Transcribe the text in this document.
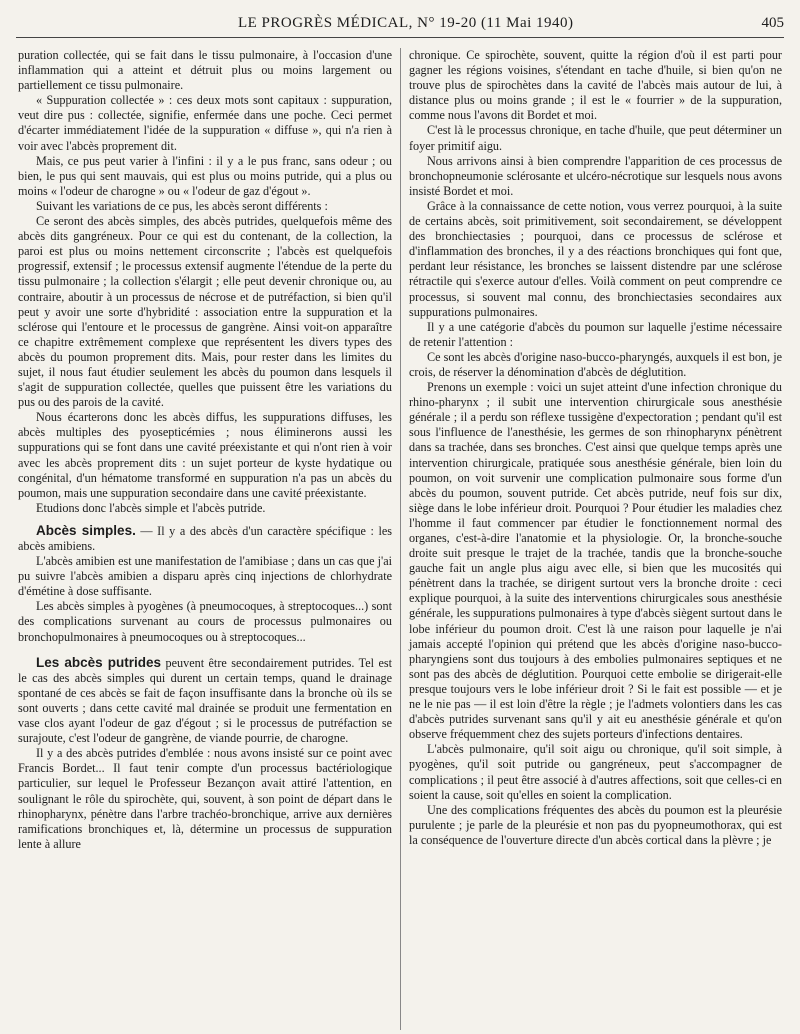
LE PROGRÈS MÉDICAL, N° 19-20 (11 Mai 1940)	405

puration collectée, qui se fait dans le tissu pulmonaire, à l'occasion d'une inflammation qui a atteint et détruit plus ou moins largement ou partiellement ce tissu pulmonaire.

« Suppuration collectée » : ces deux mots sont capitaux : suppuration, veut dire pus : collectée, signifie, enfermée dans une poche. Ceci permet d'écarter immédiatement l'idée de la suppuration « diffuse », qui n'a rien à voir avec l'abcès proprement dit.

Mais, ce pus peut varier à l'infini : il y a le pus franc, sans odeur ; ou bien, le pus qui sent mauvais, qui est plus ou moins putride, qui a plus ou moins « l'odeur de charogne » ou « l'odeur de gaz d'égout ».

Suivant les variations de ce pus, les abcès seront différents :

Ce seront des abcès simples, des abcès putrides, quelquefois même des abcès dits gangréneux. Pour ce qui est du contenant, de la collection, la paroi est plus ou moins nettement circonscrite ; l'abcès est quelquefois progressif, extensif ; le processus extensif augmente l'étendue de la perte du tissu pulmonaire ; la collection s'élargit ; elle peut devenir chronique ou, au contraire, aboutir à un processus de nécrose et de putréfaction, si bien qu'il peut y avoir une sorte d'hybridité : association entre la suppuration et la sclérose qui l'entoure et le processus de gangrène. Ainsi voit-on apparaître ce chapitre extrêmement complexe que représentent les divers types des abcès du poumon proprement dits. Mais, pour rester dans les limites du sujet, il nous faut étudier seulement les abcès du poumon dans lesquels il s'agit de suppuration collectée, quelles que puissent être les variations du pus ou des parois de la cavité.

Nous écarterons donc les abcès diffus, les suppurations diffuses, les abcès multiples des pyosepticémies ; nous éliminerons aussi les suppurations qui se font dans une cavité préexistante et qui n'ont rien à voir avec les abcès proprement dits : un sujet porteur de kyste hydatique ou congénital, d'un hématome transformé en suppuration n'a pas un abcès du poumon, mais une suppuration secondaire dans une cavité préexistante.

Etudions donc l'abcès simple et l'abcès putride.

Abcès simples. — Il y a des abcès d'un caractère spécifique : les abcès amibiens.

L'abcès amibien est une manifestation de l'amibiase ; dans un cas que j'ai pu suivre l'abcès amibien a disparu après cinq injections de chlorhydrate d'émétine à dose suffisante.

Les abcès simples à pyogènes (à pneumocoques, à streptocoques...) sont des complications survenant au cours de processus pulmonaires ou bronchopulmonaires à pneumocoques ou à streptocoques...

Les abcès putrides peuvent être secondairement putrides. Tel est le cas des abcès simples qui durent un certain temps, quand le drainage spontané de ces abcès se fait de façon insuffisante dans la bronche où ils se sont ouverts ; dans cette cavité mal drainée se produit une fermentation en vase clos ayant l'odeur de gaz d'égout ; si le processus de putréfaction se surajoute, c'est l'odeur de gangrène, de viande pourrie, de charogne.

Il y a des abcès putrides d'emblée : nous avons insisté sur ce point avec Francis Bordet... Il faut tenir compte d'un processus bactériologique particulier, sur lequel le Professeur Bezançon avait attiré l'attention, en soulignant le rôle du spirochète, qui, souvent, à son point de départ dans le rhinopharynx, pénètre dans l'arbre trachéo-bronchique, arrive aux dernières ramifications bronchiques et, là, détermine un processus de suppuration lente à allure

chronique. Ce spirochète, souvent, quitte la région d'où il est parti pour gagner les régions voisines, s'étendant en tache d'huile, si bien qu'on ne trouve plus de spirochètes dans la cavité de l'abcès mais autour de lui, à distance plus ou moins grande ; il est le « fourrier » de la suppuration, comme nous l'avons dit Bordet et moi.

C'est là le processus chronique, en tache d'huile, que peut déterminer un foyer primitif aigu.

Nous arrivons ainsi à bien comprendre l'apparition de ces processus de bronchopneumonie sclérosante et ulcéro-nécrotique sur lesquels nous avons insisté Bordet et moi.

Grâce à la connaissance de cette notion, vous verrez pourquoi, à la suite de certains abcès, soit primitivement, soit secondairement, se développent des bronchiectasies ; pourquoi, dans ce processus de sclérose et d'inflammation des bronches, il y a des réactions bronchiques qui font que, perdant leur résistance, les bronches se laissent distendre par une sclérose rétractile qui s'exerce autour d'elles. Voilà comment on peut comprendre ce processus, si souvent mal connu, des bronchiectasies secondaires aux suppurations pulmonaires.

Il y a une catégorie d'abcès du poumon sur laquelle j'estime nécessaire de retenir l'attention :

Ce sont les abcès d'origine naso-bucco-pharyngés, auxquels il est bon, je crois, de réserver la dénomination d'abcès de déglutition.

Prenons un exemple : voici un sujet atteint d'une infection chronique du rhino-pharynx ; il subit une intervention chirurgicale sous anesthésie générale ; il a perdu son réflexe tussigène d'expectoration ; pendant qu'il est sous l'influence de l'anesthésie, les germes de son rhinopharynx pénètrent dans sa trachée, dans ses bronches. C'est ainsi que quelque temps après une intervention chirurgicale, pratiquée sous anesthésie générale, bien loin du poumon, on voit survenir une complication pulmonaire sous forme d'un abcès du poumon, souvent putride. Cet abcès putride, neuf fois sur dix, siège dans le lobe inférieur droit. Pourquoi ? Pour étudier les maladies chez l'homme il faut commencer par étudier le fonctionnement normal des organes, c'est-à-dire l'anatomie et la physiologie. Or, la bronche-souche droite suit presque le trajet de la trachée, tandis que la bronche-souche gauche fait un angle plus aigu avec elle, si bien que les mucosités qui pénètrent dans la trachée, se dirigent surtout vers la bronche droite : ceci explique pourquoi, à la suite des interventions chirurgicales sous anesthésie générale, les suppurations pulmonaires à type d'abcès siègent surtout dans le lobe inférieur du poumon droit. C'est là une raison pour laquelle je n'ai jamais accepté l'opinion qui prétend que les abcès d'origine naso-bucco-pharyngiens sont dus toujours à des embolies pulmonaires septiques et ne sont pas des abcès de déglutition. Pourquoi cette embolie se dirigerait-elle presque toujours vers le lobe inférieur droit ? Si le fait est possible — et je ne le nie pas — il est loin d'être la règle ; je l'admets volontiers dans les cas d'abcès putrides survenant sans qu'il y ait eu anesthésie générale et qu'on observe fréquemment chez des sujets porteurs d'infections dentaires.

L'abcès pulmonaire, qu'il soit aigu ou chronique, qu'il soit simple, à pyogènes, qu'il soit putride ou gangréneux, peut s'accompagner de complications ; il peut être associé à d'autres affections, soit que celles-ci en soient la cause, soit qu'elles en soient la complication.

Une des complications fréquentes des abcès du poumon est la pleurésie purulente ; je parle de la pleurésie et non pas du pyopneumothorax, qui est la conséquence de l'ouverture directe d'un abcès cortical dans la plèvre ; je
